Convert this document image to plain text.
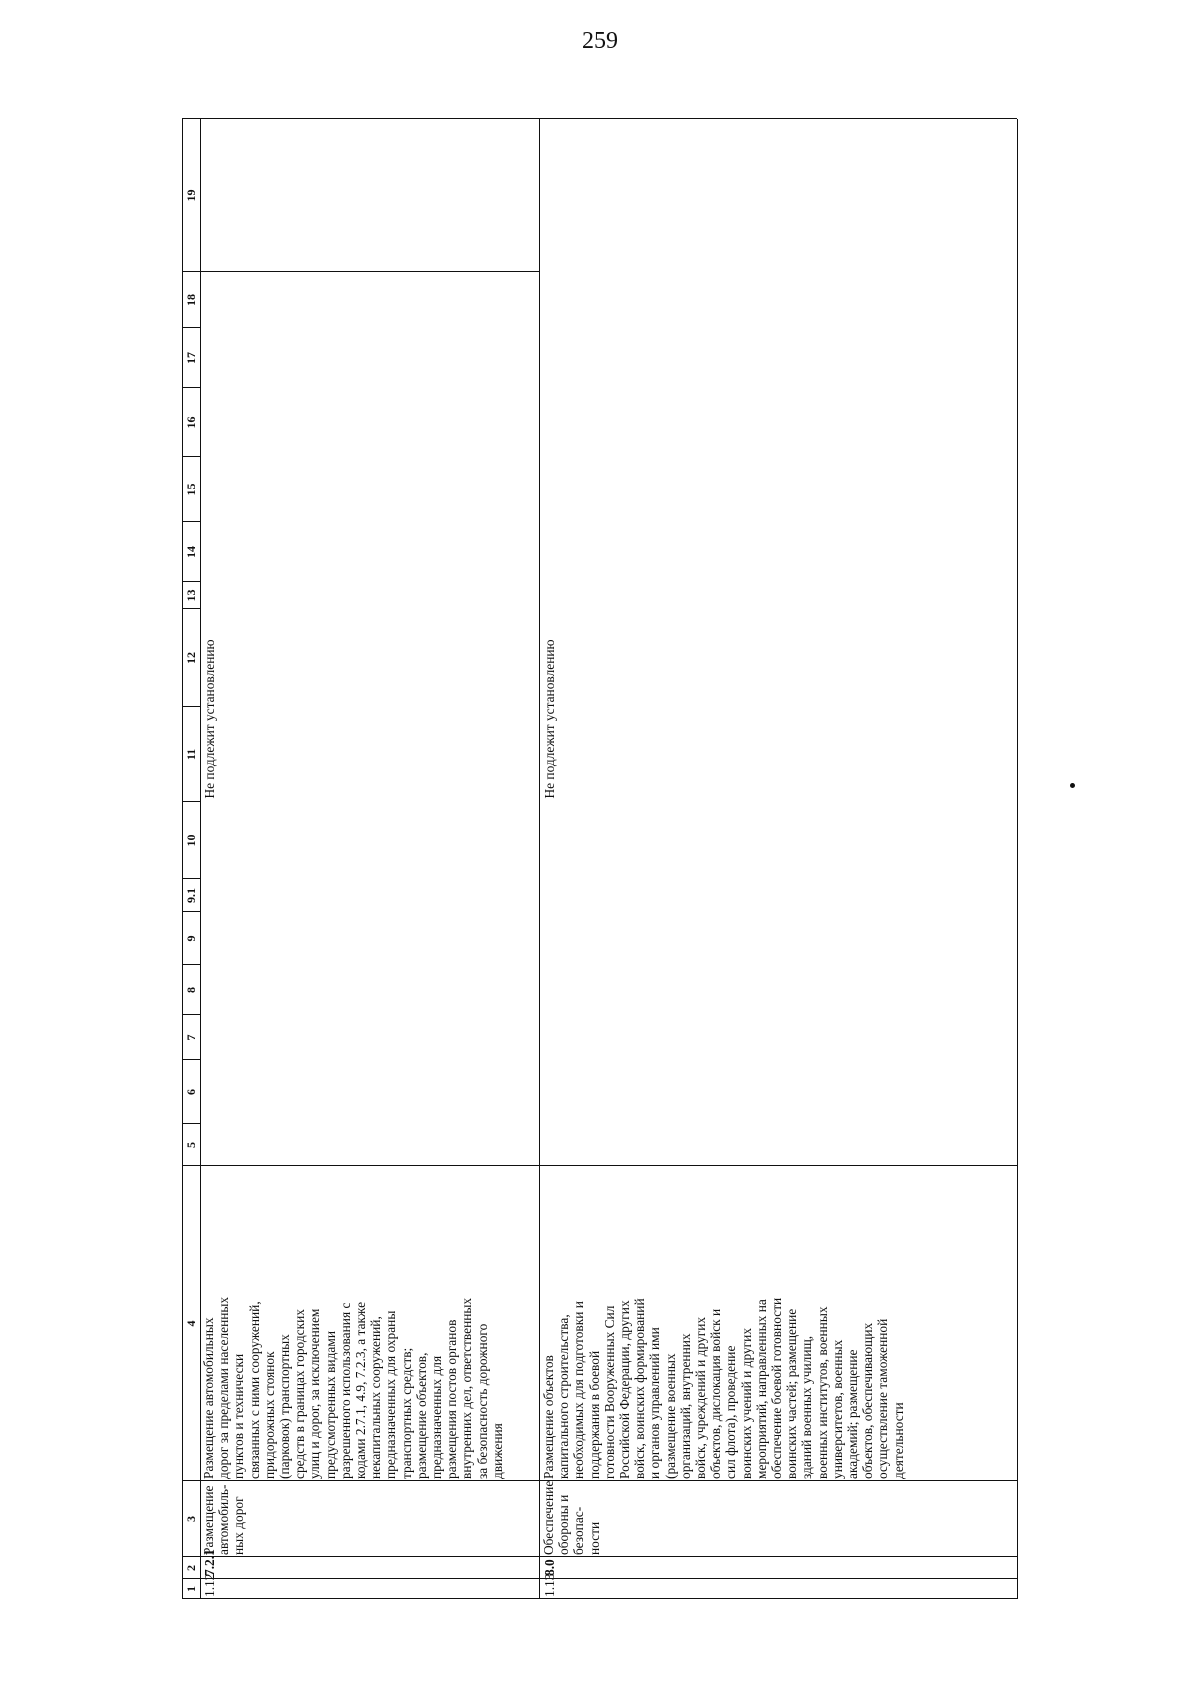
259
1
2
3
4
5
6
7
8
9
9.1
10
11
12
13
14
15
16
17
18
19
1.12
7.2.1
Размещение
автомобиль-
ных дорог
Размещение автомобильных
дорог за пределами населенных
пунктов и технически
связанных с ними сооружений,
придорожных стоянок
(парковок) транспортных
средств в границах городских
улиц и дорог, за исключением
предусмотренных видами
разрешенного использования с
кодами 2.7.1, 4.9, 7.2.3, а также
некапитальных сооружений,
предназначенных для охраны
транспортных средств;
размещение объектов,
предназначенных для
размещения постов органов
внутренних дел, ответственных
за безопасность дорожного
движения
Не подлежит установлению
1.13
8.0
Обеспечение
обороны и
безопас-
ности
Размещение объектов
капитального строительства,
необходимых для подготовки и
поддержания в боевой
готовности Вооруженных Сил
Российской Федерации, других
войск, воинских формирований
и органов управлений ими
(размещение военных
организаций, внутренних
войск, учреждений и других
объектов, дислокация войск и
сил флота), проведение
воинских учений и других
мероприятий, направленных на
обеспечение боевой готовности
воинских частей; размещение
зданий военных училищ,
военных институтов, военных
университетов, военных
академий; размещение
объектов, обеспечивающих
осуществление таможенной
деятельности
Не подлежит установлению
